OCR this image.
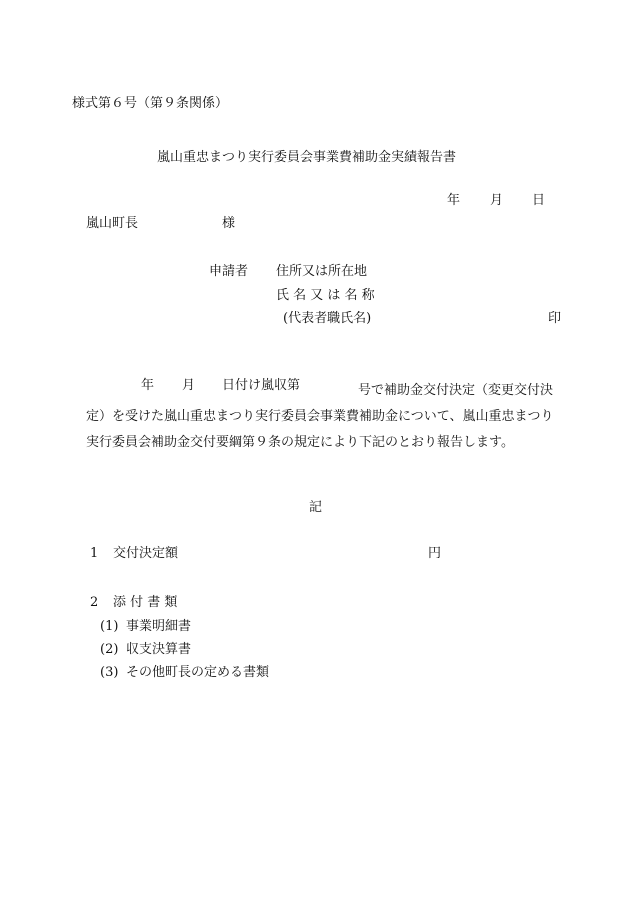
様式第６号（第９条関係）

嵐山重忠まつり実行委員会事業費補助金実績報告書

年 月 日
嵐山町長	様
申請者 住所又は所在地
氏 名 又 は 名 称
(代表者職氏名)	印
年 月 日付け嵐収第	号で補助金交付決定（変更交付決定）を受けた嵐山重忠まつり実行委員会事業費補助金について、嵐山重忠まつり実行委員会補助金交付要綱第９条の規定により下記のとおり報告します。

記

1 交付決定額	円
2 添 付 書 類
(1) 事業明細書
(2) 収支決算書
(3) その他町長の定める書類
